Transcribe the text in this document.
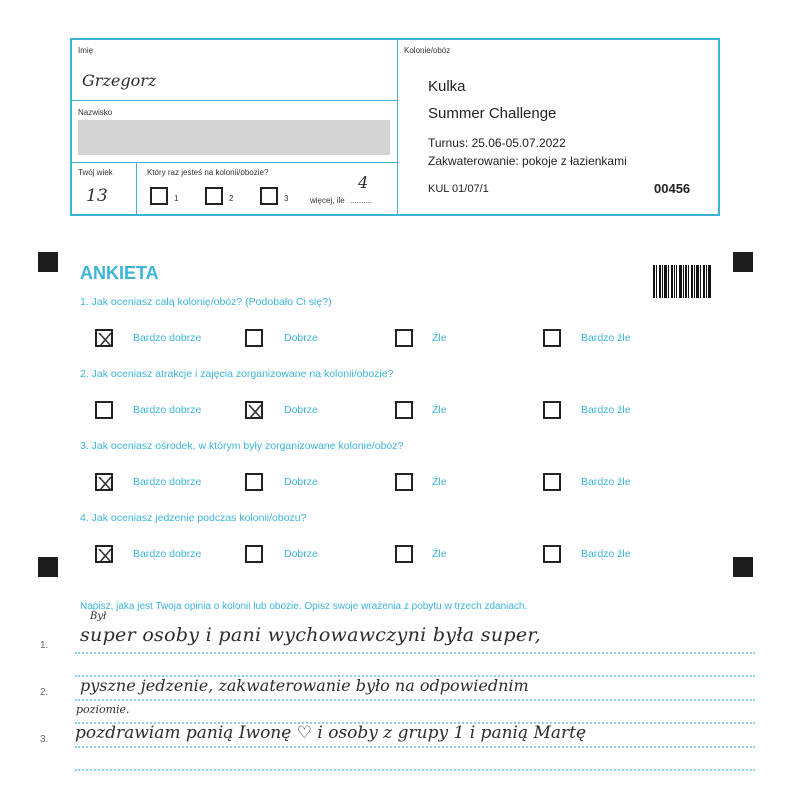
Imię
Grzegorz
Nazwisko
Twój wiek
13
Który raz jesteś na kolonii/obozie?
1	2	3	więcej, ile ..........
4
Kolonie/obóz
Kulka
Summer Challenge
Turnus: 25.06-05.07.2022
Zakwaterowanie: pokoje z łazienkami
KUL 01/07/1	00456
ANKIETA
1. Jak oceniasz całą kolonię/obóz? (Podobało Ci się?)
Bardzo dobrze	Dobrze	Źle	Bardzo źle
2. Jak oceniasz atrakcje i zajęcia zorganizowane na kolonii/obozie?
Bardzo dobrze	Dobrze	Źle	Bardzo źle
3. Jak oceniasz ośrodek, w którym były zorganizowane kolonie/obóz?
Bardzo dobrze	Dobrze	Źle	Bardzo źle
4. Jak oceniasz jedzenie podczas kolonii/obozu?
Bardzo dobrze	Dobrze	Źle	Bardzo źle
Napisz, jaka jest Twoja opinia o kolonii lub obozie. Opisz swoje wrażenia z pobytu w trzech zdaniach.
1.
2.
3.
Był
super osoby i pani wychowawczyni była super,
pyszne jedzenie, zakwaterowanie było na odpowiednim
poziomie.
pozdrawiam panią Iwonę ♡ i osoby z grupy 1 i panią Martę
